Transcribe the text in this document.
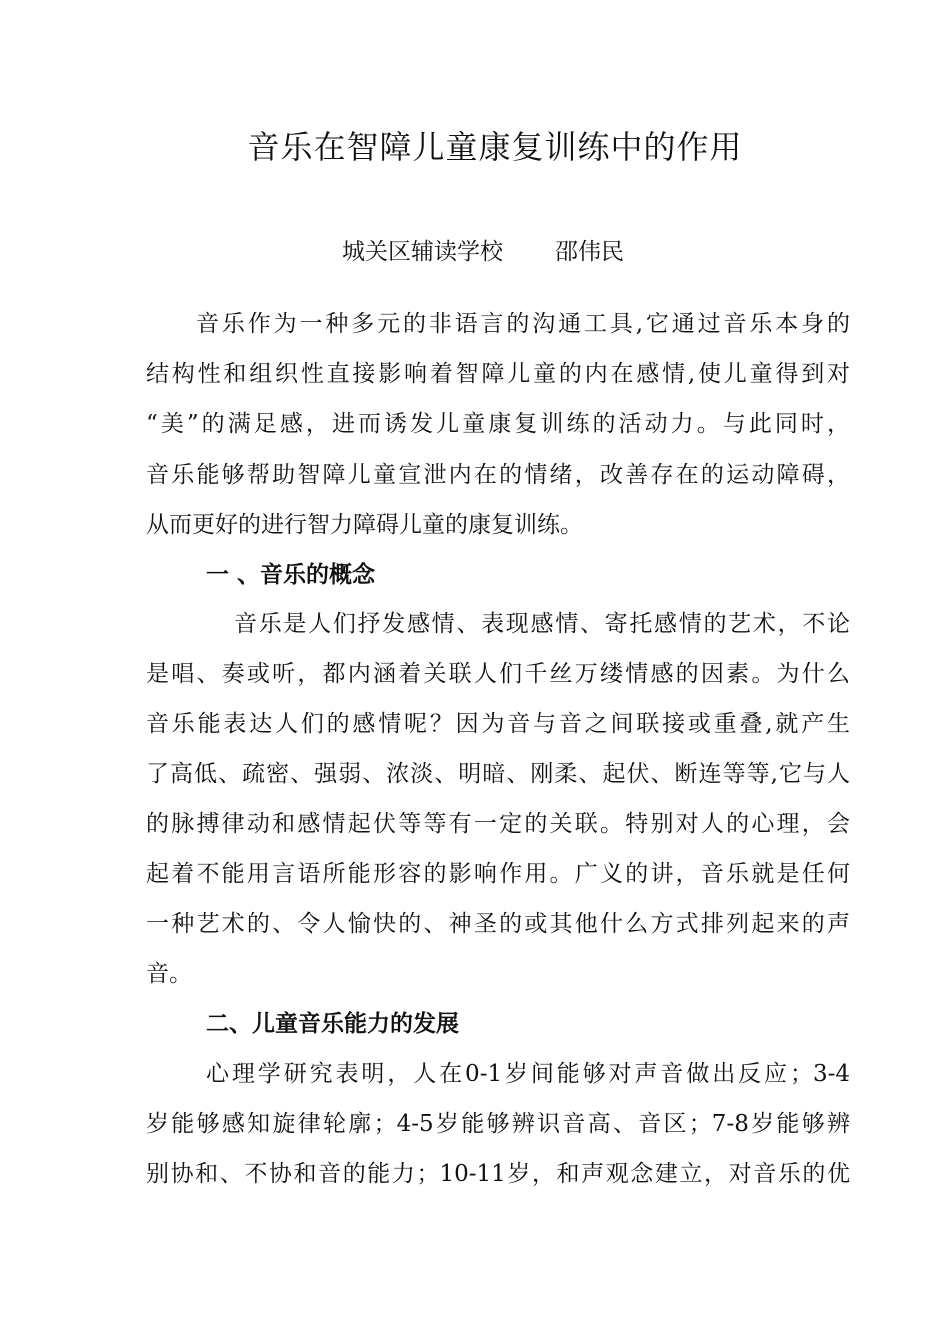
音乐在智障儿童康复训练中的作用
城关区辅读学校 邵伟民
音乐作为一种多元的非语言的沟通工具,它通过音乐本身的
结构性和组织性直接影响着智障儿童的内在感情,使儿童得到对
“美”的满足感，进而诱发儿童康复训练的活动力。与此同时，
音乐能够帮助智障儿童宣泄内在的情绪，改善存在的运动障碍，
从而更好的进行智力障碍儿童的康复训练。
一 、音乐的概念
音乐是人们抒发感情、表现感情、寄托感情的艺术，不论
是唱、奏或听，都内涵着关联人们千丝万缕情感的因素。为什么
音乐能表达人们的感情呢？因为音与音之间联接或重叠,就产生
了高低、疏密、强弱、浓淡、明暗、刚柔、起伏、断连等等,它与人
的脉搏律动和感情起伏等等有一定的关联。特别对人的心理，会
起着不能用言语所能形容的影响作用。广义的讲，音乐就是任何
一种艺术的、令人愉快的、神圣的或其他什么方式排列起来的声
音。
二、儿童音乐能力的发展
心理学研究表明，人在0-1岁间能够对声音做出反应；3-4
岁能够感知旋律轮廓；4-5岁能够辨识音高、音区；7-8岁能够辨
别协和、不协和音的能力；10-11岁，和声观念建立，对音乐的优
